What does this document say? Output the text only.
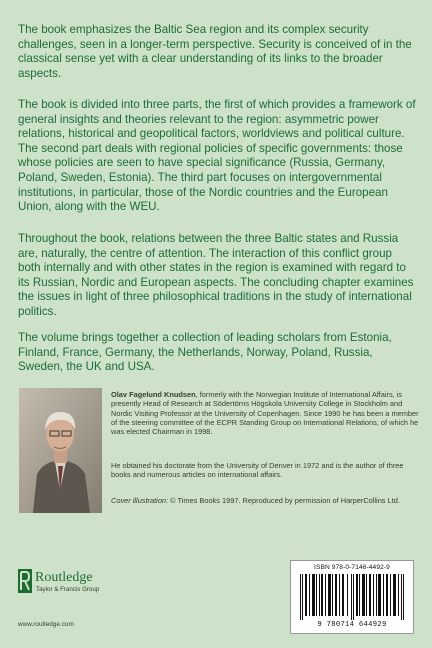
The book emphasizes the Baltic Sea region and its complex security challenges, seen in a longer-term perspective. Security is conceived of in the classical sense yet with a clear understanding of its links to the broader aspects.

The book is divided into three parts, the first of which provides a framework of general insights and theories relevant to the region: asymmetric power relations, historical and geopolitical factors, worldviews and political culture. The second part deals with regional policies of specific governments: those whose policies are seen to have special significance (Russia, Germany, Poland, Sweden, Estonia). The third part focuses on intergovernmental institutions, in particular, those of the Nordic countries and the European Union, along with the WEU.

Throughout the book, relations between the three Baltic states and Russia are, naturally, the centre of attention. The interaction of this conflict group both internally and with other states in the region is examined with regard to its Russian, Nordic and European aspects. The concluding chapter examines the issues in light of three philosophical traditions in the study of international politics.

The volume brings together a collection of leading scholars from Estonia, Finland, France, Germany, the Netherlands, Norway, Poland, Russia, Sweden, the UK and USA.

Olav Fagelund Knudsen, formerly with the Norwegian Institute of International Affairs, is presently Head of Research at Södertörns Högskola University College in Stockholm and Nordic Visiting Professor at the University of Copenhagen. Since 1990 he has been a member of the steering committee of the ECPR Standing Group on International Relations, of which he was elected Chairman in 1998.

He obtained his doctorate from the University of Denver in 1972 and is the author of three books and numerous articles on international affairs.

Cover illustration: © Times Books 1997. Reproduced by permission of HarperCollins Ltd.

ISBN 978-0-7146-4492-9
9 780714 644929
Routledge
Taylor & Francis Group
www.routledge.com
